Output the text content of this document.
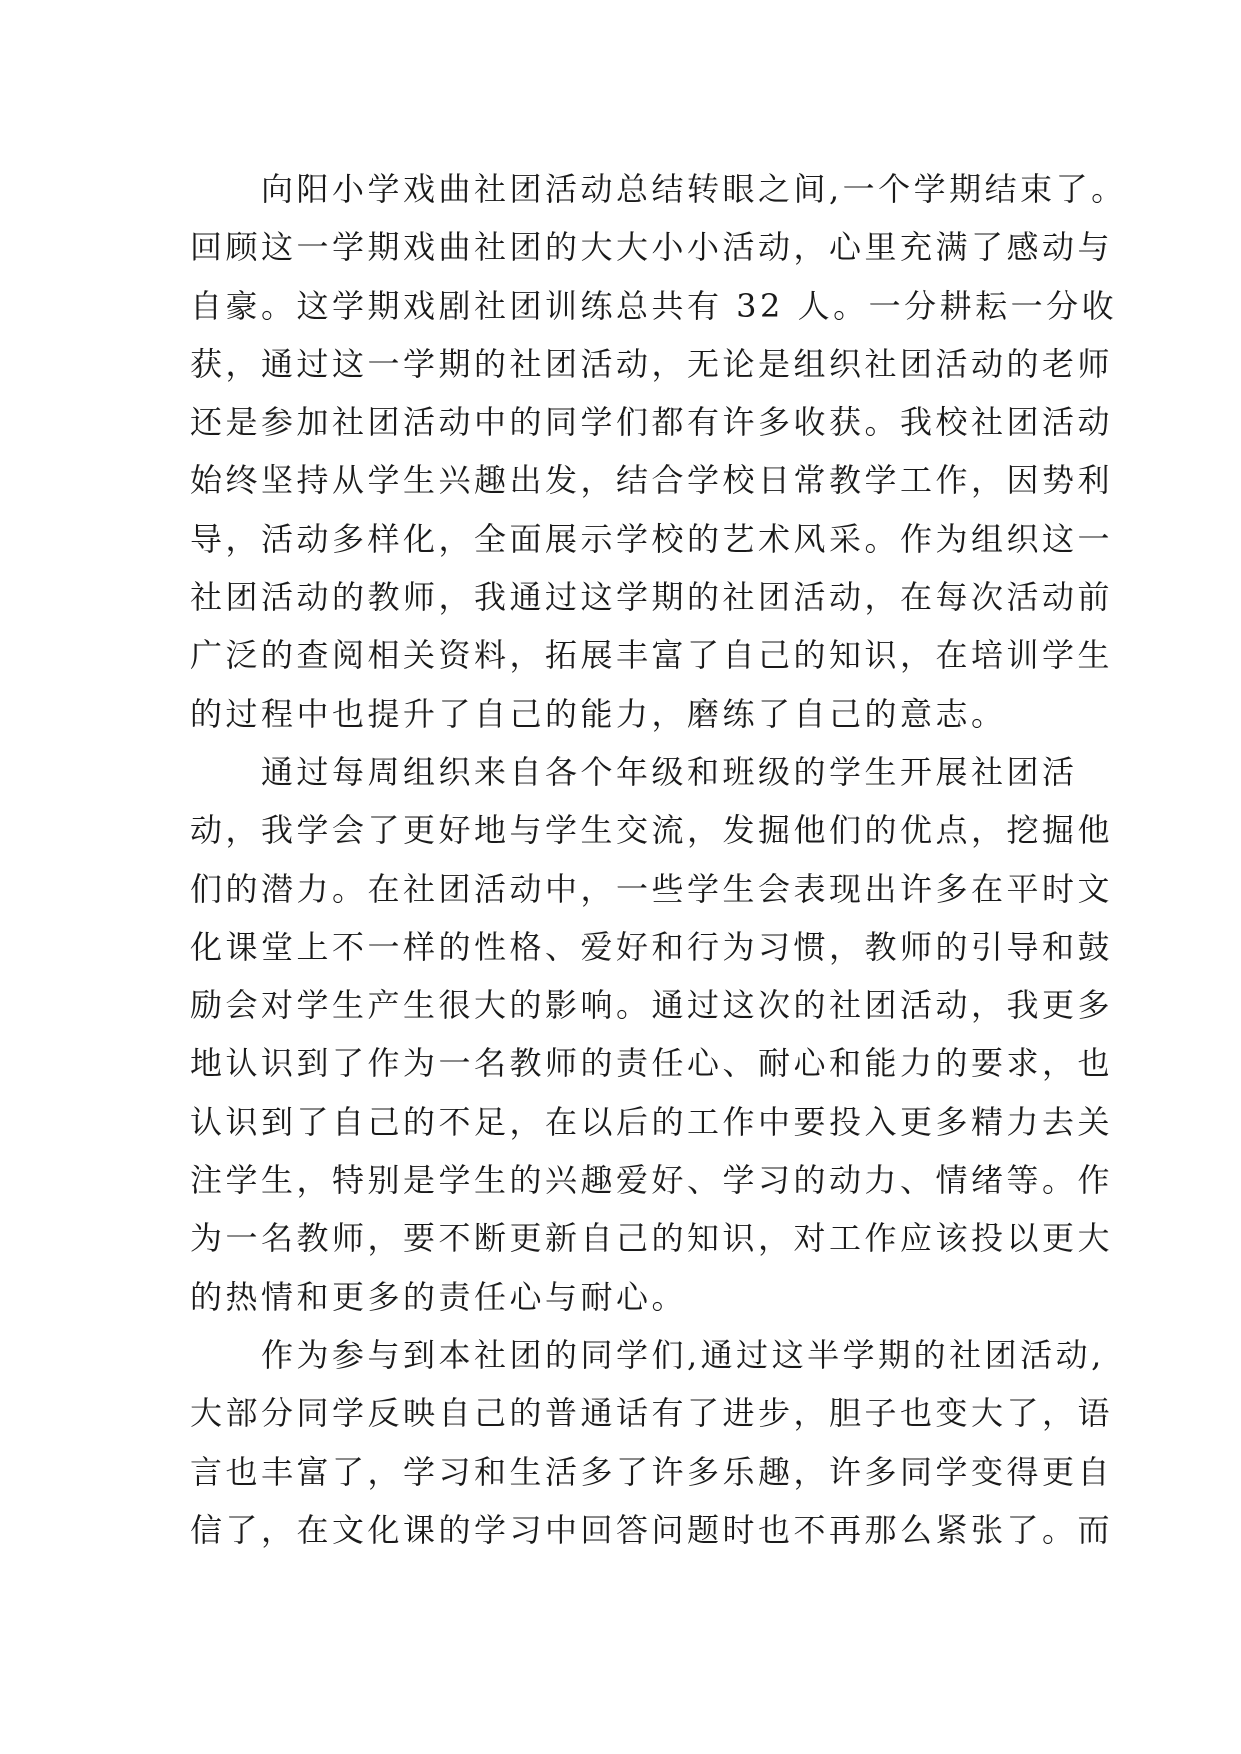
向阳小学戏曲社团活动总结转眼之间,一个学期结束了。
回顾这一学期戏曲社团的大大小小活动，心里充满了感动与
自豪。这学期戏剧社团训练总共有 32 人。一分耕耘一分收
获，通过这一学期的社团活动，无论是组织社团活动的老师
还是参加社团活动中的同学们都有许多收获。我校社团活动
始终坚持从学生兴趣出发，结合学校日常教学工作，因势利
导，活动多样化，全面展示学校的艺术风采。作为组织这一
社团活动的教师，我通过这学期的社团活动，在每次活动前
广泛的查阅相关资料，拓展丰富了自己的知识，在培训学生
的过程中也提升了自己的能力，磨练了自己的意志。

通过每周组织来自各个年级和班级的学生开展社团活
动，我学会了更好地与学生交流，发掘他们的优点，挖掘他
们的潜力。在社团活动中，一些学生会表现出许多在平时文
化课堂上不一样的性格、爱好和行为习惯，教师的引导和鼓
励会对学生产生很大的影响。通过这次的社团活动，我更多
地认识到了作为一名教师的责任心、耐心和能力的要求，也
认识到了自己的不足，在以后的工作中要投入更多精力去关
注学生，特别是学生的兴趣爱好、学习的动力、情绪等。作
为一名教师，要不断更新自己的知识，对工作应该投以更大
的热情和更多的责任心与耐心。

作为参与到本社团的同学们,通过这半学期的社团活动,
大部分同学反映自己的普通话有了进步，胆子也变大了，语
言也丰富了，学习和生活多了许多乐趣，许多同学变得更自
信了，在文化课的学习中回答问题时也不再那么紧张了。而
